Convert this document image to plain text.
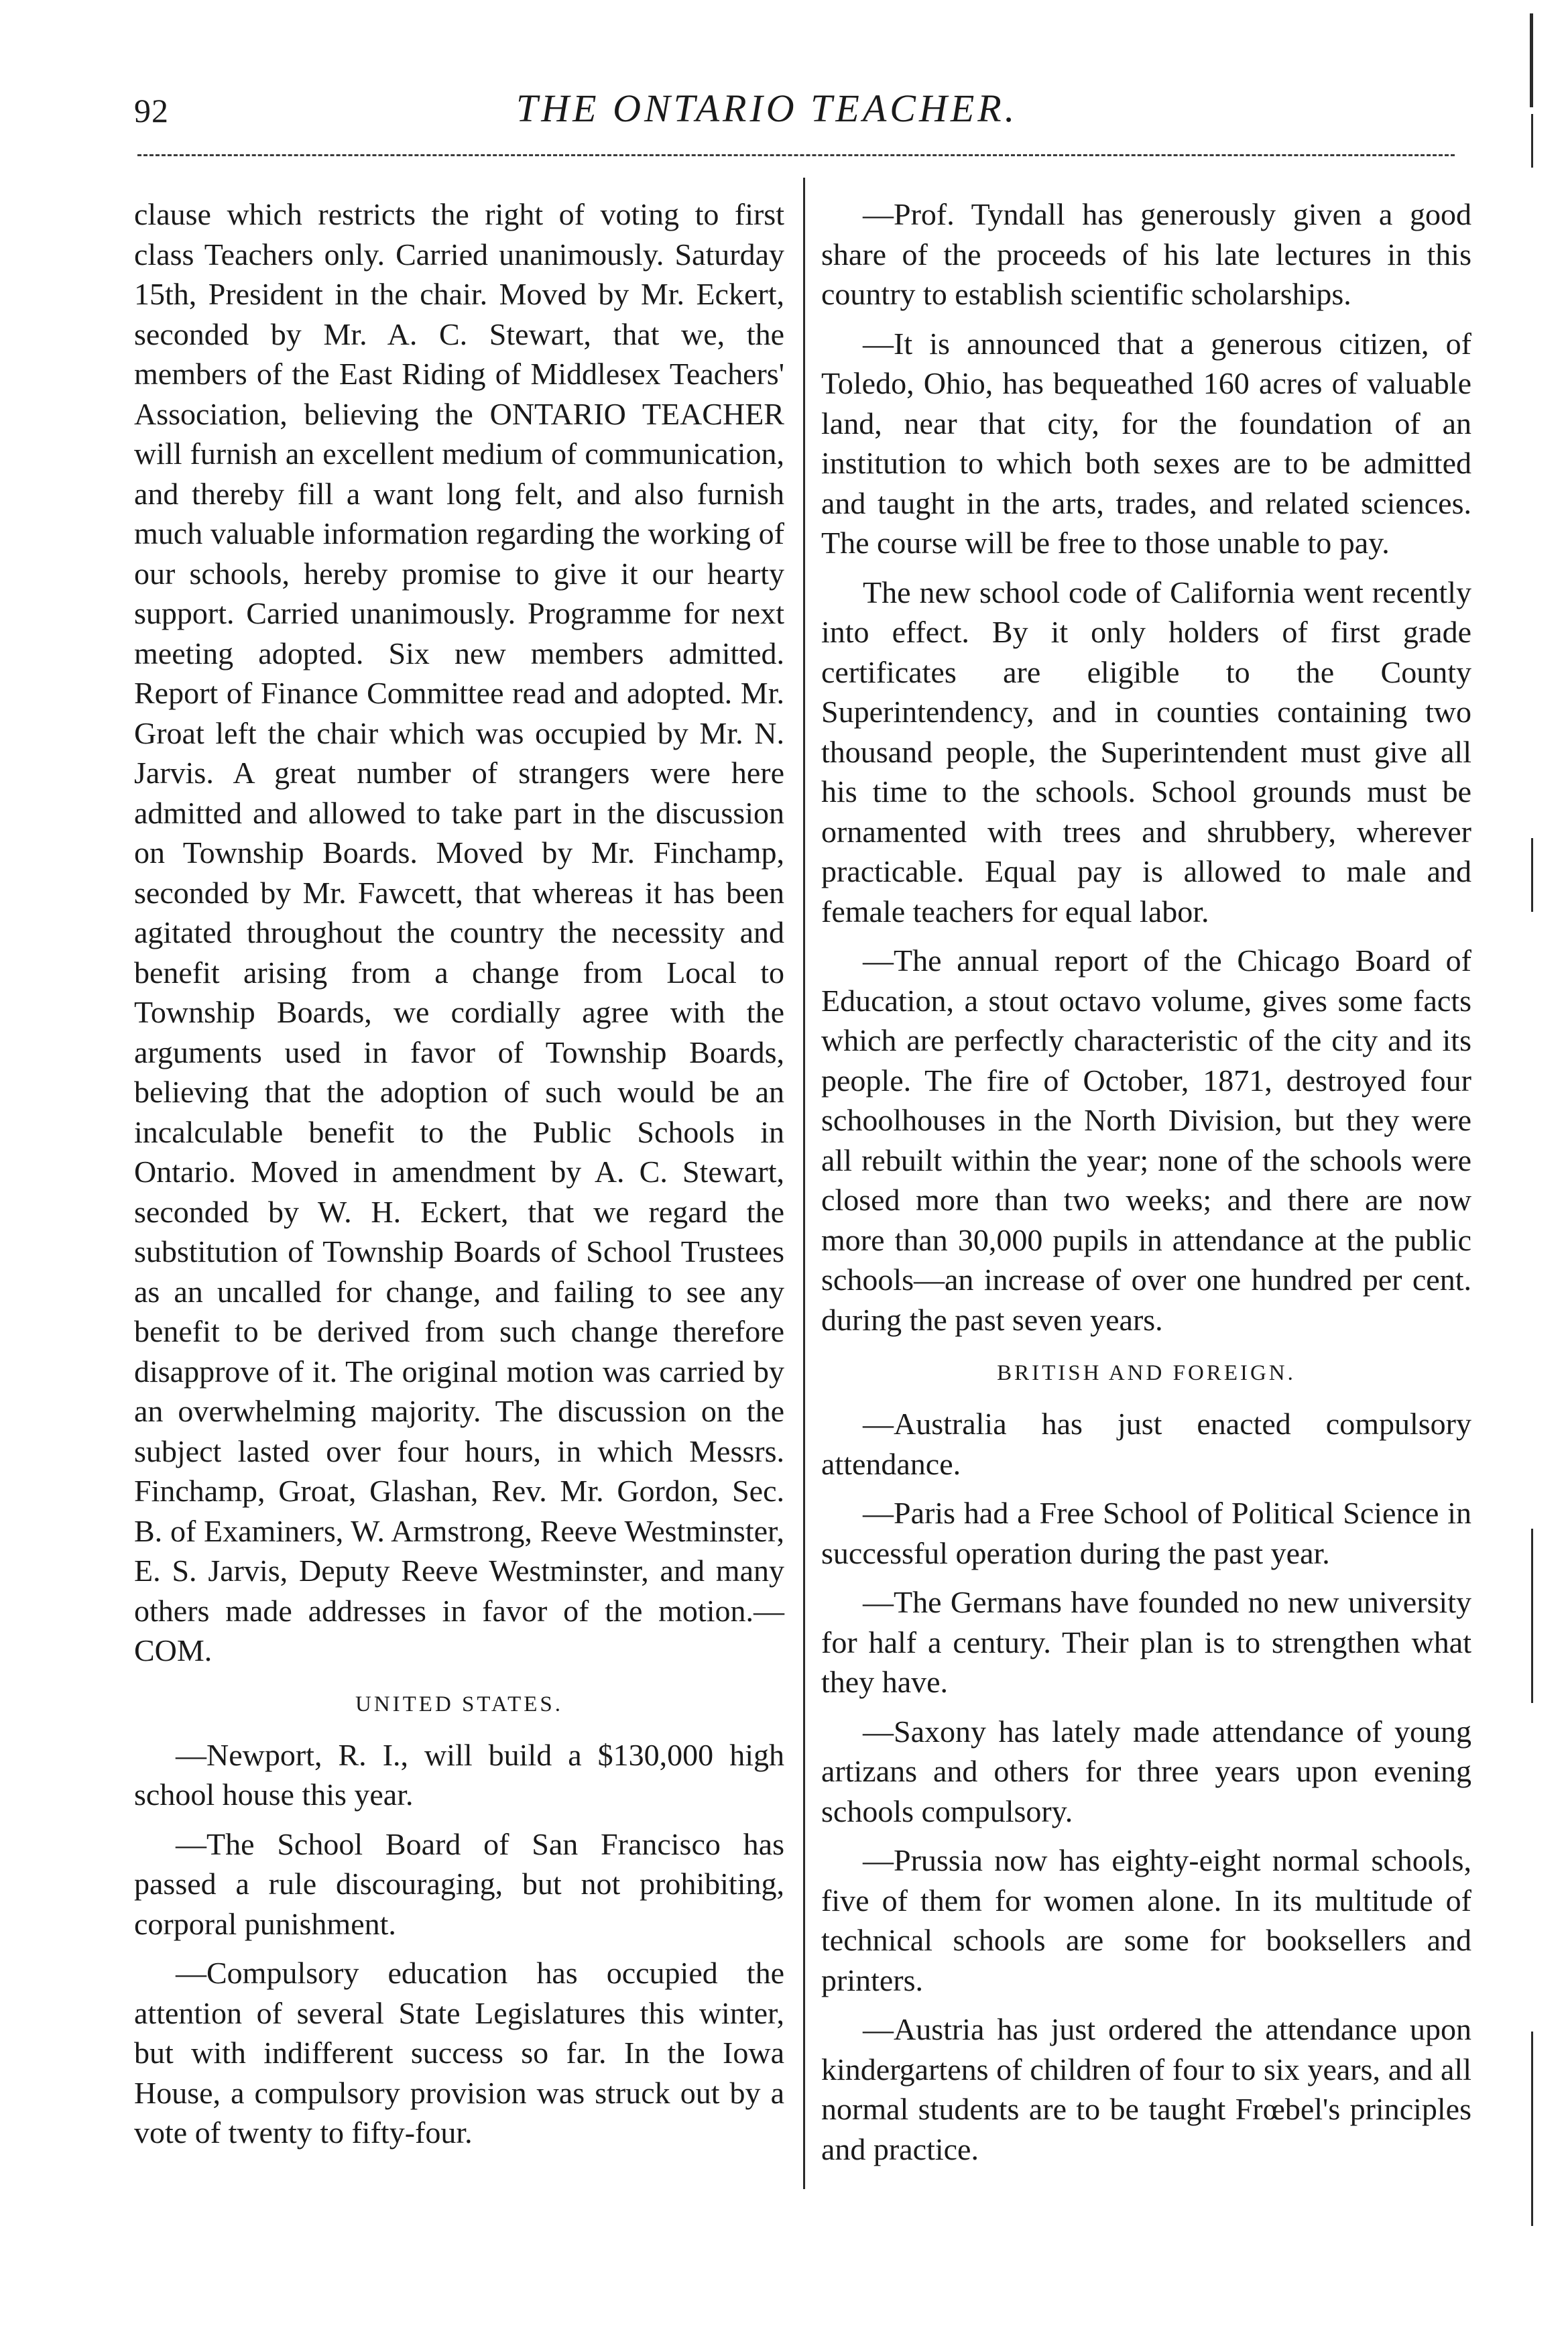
92	THE ONTARIO TEACHER.

clause which restricts the right of voting to first class Teachers only. Carried unanimously. Saturday 15th, President in the chair. Moved by Mr. Eckert, seconded by Mr. A. C. Stewart, that we, the members of the East Riding of Middlesex Teachers' Association, believing the ONTARIO TEACHER will furnish an excellent medium of communication, and thereby fill a want long felt, and also furnish much valuable information regarding the working of our schools, hereby promise to give it our hearty support. Carried unanimously. Programme for next meeting adopted. Six new members admitted. Report of Finance Committee read and adopted. Mr. Groat left the chair which was occupied by Mr. N. Jarvis. A great number of strangers were here admitted and allowed to take part in the discussion on Township Boards. Moved by Mr. Finchamp, seconded by Mr. Fawcett, that whereas it has been agitated throughout the country the necessity and benefit arising from a change from Local to Township Boards, we cordially agree with the arguments used in favor of Township Boards, believing that the adoption of such would be an incalculable benefit to the Public Schools in Ontario. Moved in amendment by A. C. Stewart, seconded by W. H. Eckert, that we regard the substitution of Township Boards of School Trustees as an uncalled for change, and failing to see any benefit to be derived from such change therefore disapprove of it. The original motion was carried by an overwhelming majority. The discussion on the subject lasted over four hours, in which Messrs. Finchamp, Groat, Glashan, Rev. Mr. Gordon, Sec. B. of Examiners, W. Armstrong, Reeve Westminster, E. S. Jarvis, Deputy Reeve Westminster, and many others made addresses in favor of the motion.—COM.

UNITED STATES.

—Newport, R. I., will build a $130,000 high school house this year.

—The School Board of San Francisco has passed a rule discouraging, but not prohibiting, corporal punishment.

—Compulsory education has occupied the attention of several State Legislatures this winter, but with indifferent success so far. In the Iowa House, a compulsory provision was struck out by a vote of twenty to fifty-four.

—Prof. Tyndall has generously given a good share of the proceeds of his late lectures in this country to establish scientific scholarships.

—It is announced that a generous citizen, of Toledo, Ohio, has bequeathed 160 acres of valuable land, near that city, for the foundation of an institution to which both sexes are to be admitted and taught in the arts, trades, and related sciences. The course will be free to those unable to pay.

The new school code of California went recently into effect. By it only holders of first grade certificates are eligible to the County Superintendency, and in counties containing two thousand people, the Superintendent must give all his time to the schools. School grounds must be ornamented with trees and shrubbery, wherever practicable. Equal pay is allowed to male and female teachers for equal labor.

—The annual report of the Chicago Board of Education, a stout octavo volume, gives some facts which are perfectly characteristic of the city and its people. The fire of October, 1871, destroyed four schoolhouses in the North Division, but they were all rebuilt within the year; none of the schools were closed more than two weeks; and there are now more than 30,000 pupils in attendance at the public schools—an increase of over one hundred per cent. during the past seven years.

BRITISH AND FOREIGN.

—Australia has just enacted compulsory attendance.

—Paris had a Free School of Political Science in successful operation during the past year.

—The Germans have founded no new university for half a century. Their plan is to strengthen what they have.

—Saxony has lately made attendance of young artizans and others for three years upon evening schools compulsory.

—Prussia now has eighty-eight normal schools, five of them for women alone. In its multitude of technical schools are some for booksellers and printers.

—Austria has just ordered the attendance upon kindergartens of children of four to six years, and all normal students are to be taught Frœbel's principles and practice.
